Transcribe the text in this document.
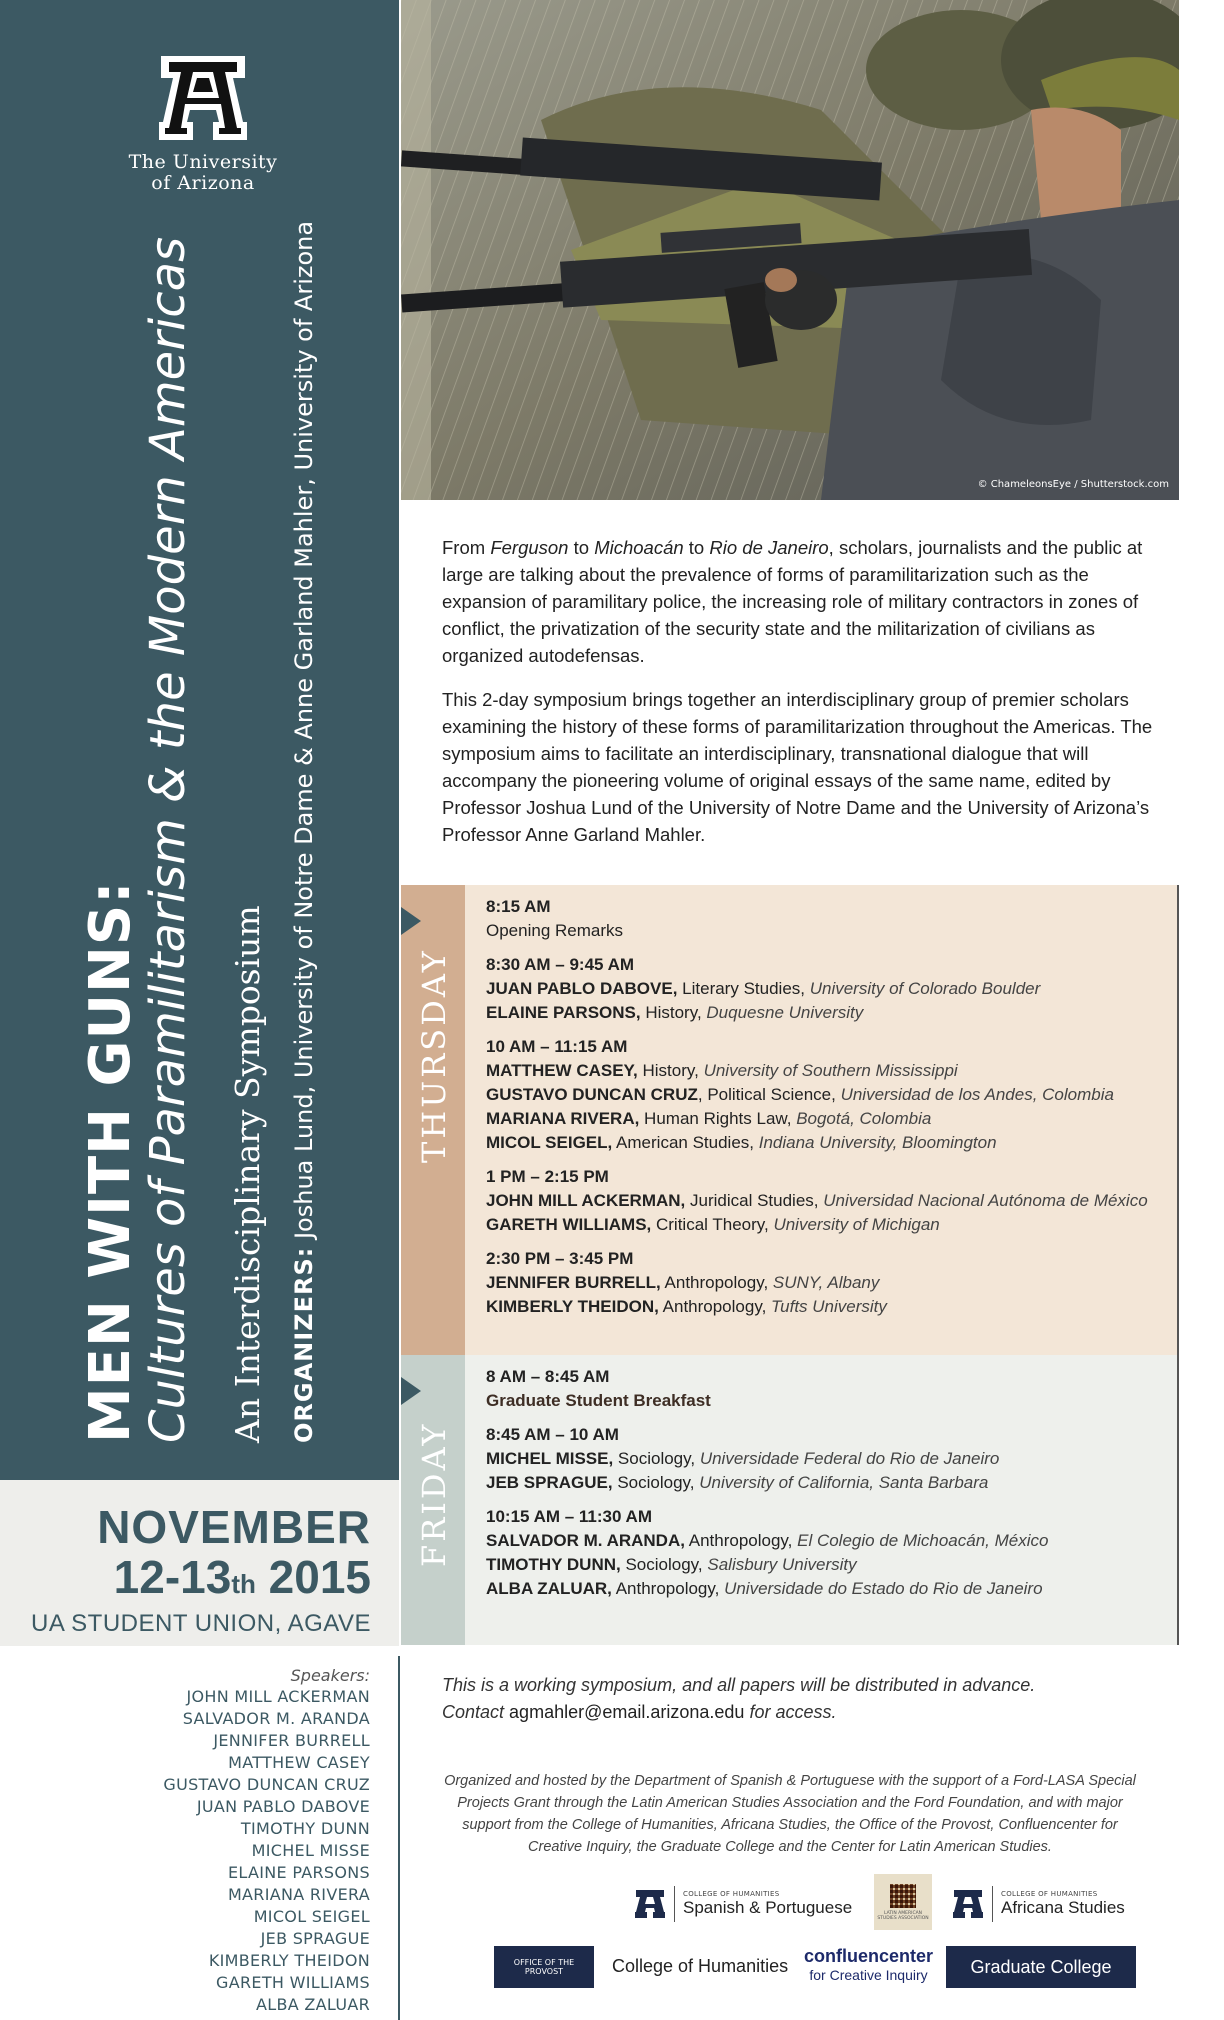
The University of Arizona
MEN WITH GUNS:
Cultures of Paramilitarism & the Modern Americas An Interdisciplinary Symposium ORGANIZERS: Joshua Lund, University of Notre Dame & Anne Garland Mahler, University of Arizona
NOVEMBER
12-13th 2015
UA STUDENT UNION, AGAVE
Speakers:
JOHN MILL ACKERMAN
SALVADOR M. ARANDA
JENNIFER BURRELL
MATTHEW CASEY
GUSTAVO DUNCAN CRUZ
JUAN PABLO DABOVE
TIMOTHY DUNN
MICHEL MISSE
ELAINE PARSONS
MARIANA RIVERA
MICOL SEIGEL
JEB SPRAGUE
KIMBERLY THEIDON
GARETH WILLIAMS
ALBA ZALUAR
© ChameleonsEye / Shutterstock.com

From Ferguson to Michoacán to Rio de Janeiro, scholars, journalists and the public at large are talking about the prevalence of forms of paramilitarization such as the expansion of paramilitary police, the increasing role of military contractors in zones of conflict, the privatization of the security state and the militarization of civilians as organized autodefensas.

This 2-day symposium brings together an interdisciplinary group of premier scholars examining the history of these forms of paramilitarization throughout the Americas. The symposium aims to facilitate an interdisciplinary, transnational dialogue that will accompany the pioneering volume of original essays of the same name, edited by Professor Joshua Lund of the University of Notre Dame and the University of Arizona’s Professor Anne Garland Mahler.

THURSDAY
8:15 AM
Opening Remarks
8:30 AM – 9:45 AM
JUAN PABLO DABOVE, Literary Studies, University of Colorado Boulder
ELAINE PARSONS, History, Duquesne University
10 AM – 11:15 AM
MATTHEW CASEY, History, University of Southern Mississippi
GUSTAVO DUNCAN CRUZ, Political Science, Universidad de los Andes, Colombia
MARIANA RIVERA, Human Rights Law, Bogotá, Colombia
MICOL SEIGEL, American Studies, Indiana University, Bloomington
1 PM – 2:15 PM
JOHN MILL ACKERMAN, Juridical Studies, Universidad Nacional Autónoma de México
GARETH WILLIAMS, Critical Theory, University of Michigan
2:30 PM – 3:45 PM
JENNIFER BURRELL, Anthropology, SUNY, Albany
KIMBERLY THEIDON, Anthropology, Tufts University
FRIDAY
8 AM – 8:45 AM
Graduate Student Breakfast
8:45 AM – 10 AM
MICHEL MISSE, Sociology, Universidade Federal do Rio de Janeiro
JEB SPRAGUE, Sociology, University of California, Santa Barbara
10:15 AM – 11:30 AM
SALVADOR M. ARANDA, Anthropology, El Colegio de Michoacán, México
TIMOTHY DUNN, Sociology, Salisbury University
ALBA ZALUAR, Anthropology, Universidade do Estado do Rio de Janeiro
This is a working symposium, and all papers will be distributed in advance.
Contact agmahler@email.arizona.edu for access.
Organized and hosted by the Department of Spanish & Portuguese with the support of a Ford-LASA Special Projects Grant through the Latin American Studies Association and the Ford Foundation, and with major support from the College of Humanities, Africana Studies, the Office of the Provost, Confluencenter for Creative Inquiry, the Graduate College and the Center for Latin American Studies.
COLLEGE OF HUMANITIES
Spanish & Portuguese	LATIN AMERICAN STUDIES ASSOCIATION
COLLEGE OF HUMANITIES
Africana Studies
OFFICE OF THE PROVOST	College of Humanities confluencenter
for Creative Inquiry Graduate College
